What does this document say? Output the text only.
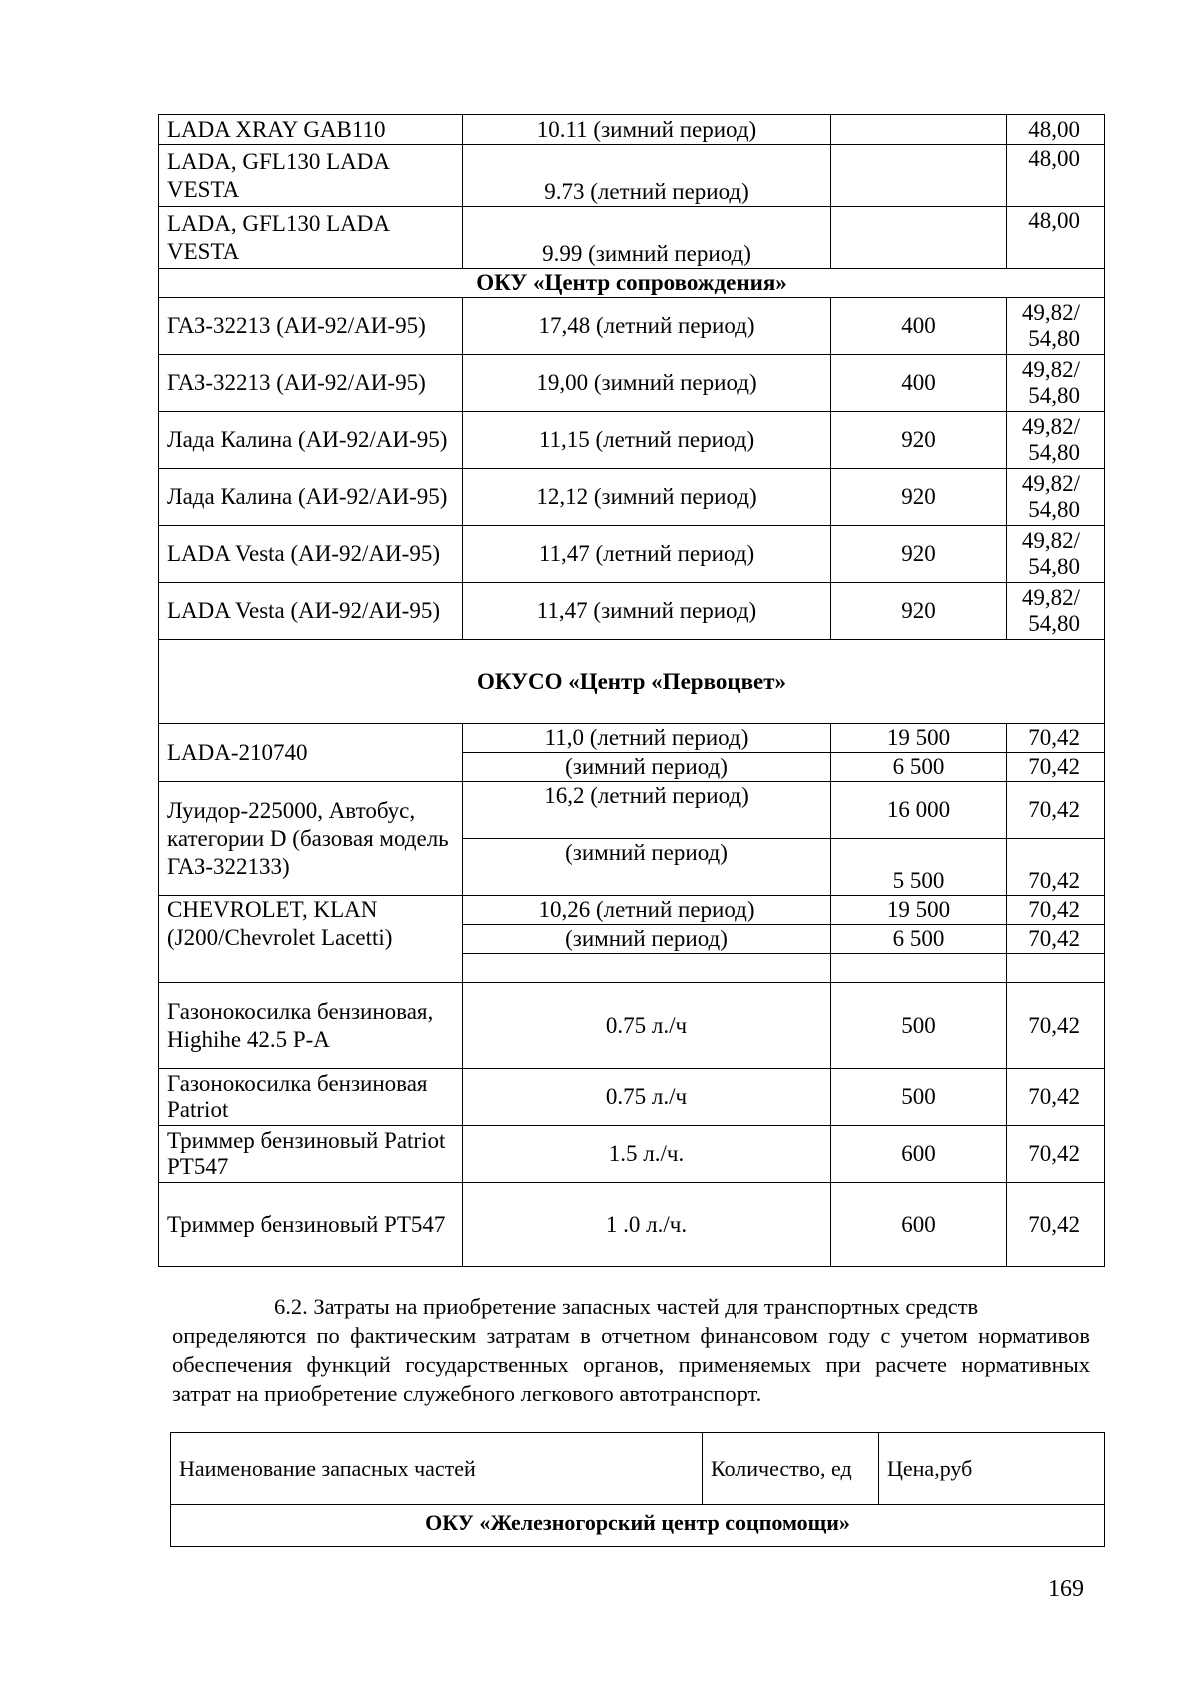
LADA XRAY GAB110	10.11 (зимний период)		48,00
LADA, GFL130 LADA VESTA	9.73 (летний период)		48,00
LADA, GFL130 LADA VESTA	9.99 (зимний период)		48,00
ОКУ «Центр сопровождения»			
ГАЗ-32213 (АИ-92/АИ-95)	17,48 (летний период)	400	49,82/ 54,80
ГАЗ-32213 (АИ-92/АИ-95)	19,00 (зимний период)	400	49,82/ 54,80
Лада Калина (АИ-92/АИ-95)	11,15 (летний период)	920	49,82/ 54,80
Лада Калина (АИ-92/АИ-95)	12,12 (зимний период)	920	49,82/ 54,80
LADA Vesta (АИ-92/АИ-95)	11,47 (летний период)	920	49,82/ 54,80
LADA Vesta (АИ-92/АИ-95)	11,47 (зимний период)	920	49,82/ 54,80
ОКУСО «Центр «Первоцвет»			
LADA-210740	11,0 (летний период)	19 500	70,42
	(зимний период)	6 500	70,42
Луидор-225000, Автобус, категории D (базовая модель ГАЗ-322133)	16,2 (летний период)	16 000	70,42
	(зимний период)	5 500	70,42
CHEVROLET, KLAN (J200/Chevrolet Lacetti)	10,26 (летний период)	19 500	70,42
	(зимний период)	6 500	70,42

Газонокосилка бензиновая, Highihe 42.5 P-A	0.75 л./ч	500	70,42
Газонокосилка бензиновая Patriot	0.75 л./ч	500	70,42
Триммер бензиновый Patriot PT547	1.5 л./ч.	600	70,42
Триммер бензиновый PT547	1 .0 л./ч.	600	70,42
6.2. Затраты на приобретение запасных частей для транспортных средств
определяются по фактическим затратам в отчетном финансовом году с учетом нормативов обеспечения функций государственных органов, применяемых при расчете нормативных затрат на приобретение служебного легкового автотранспорт.
Наименование запасных частей	Количество, ед	Цена,руб
ОКУ «Железногорский центр соцпомощи»
169
